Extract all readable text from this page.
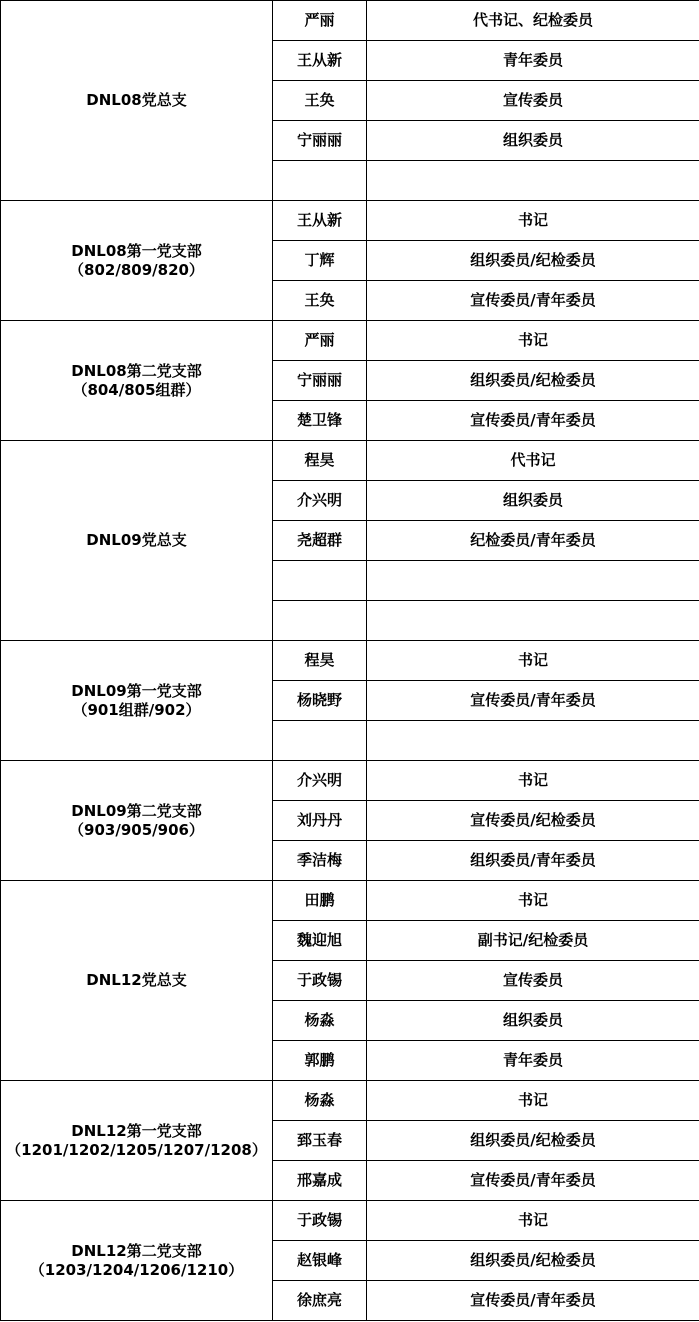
DNL08党总支	严丽	代书记、纪检委员
	王从新	青年委员
	王奂	宣传委员
	宁丽丽	组织委员

DNL08第一党支部
（802/809/820）	王从新	书记
	丁辉	组织委员/纪检委员
	王奂	宣传委员/青年委员

DNL08第二党支部
（804/805组群）	严丽	书记
	宁丽丽	组织委员/纪检委员
	楚卫锋	宣传委员/青年委员

DNL09党总支	程昊	代书记
	介兴明	组织委员
	尧超群	纪检委员/青年委员

DNL09第一党支部
（901组群/902）	程昊	书记
	杨晓野	宣传委员/青年委员

DNL09第二党支部
（903/905/906）	介兴明	书记
	刘丹丹	宣传委员/纪检委员
	季洁梅	组织委员/青年委员

DNL12党总支	田鹏	书记
	魏迎旭	副书记/纪检委员
	于政锡	宣传委员
	杨淼	组织委员
	郭鹏	青年委员

DNL12第一党支部
（1201/1202/1205/1207/1208）	杨淼	书记
	郅玉春	组织委员/纪检委员
	邢嘉成	宣传委员/青年委员

DNL12第二党支部
（1203/1204/1206/1210）	于政锡	书记
	赵银峰	组织委员/纪检委员
	徐庶亮	宣传委员/青年委员
